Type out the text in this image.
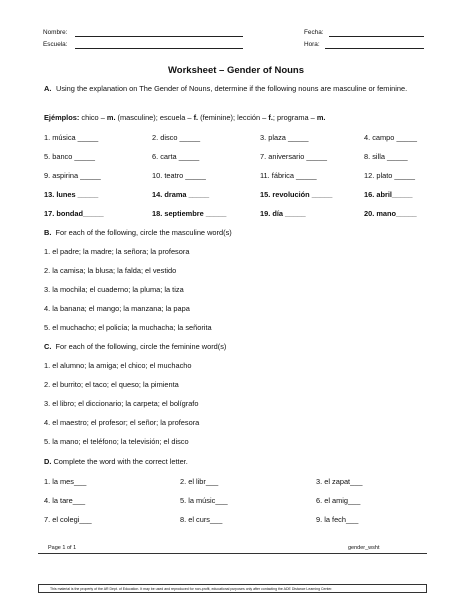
Nombre:
Escuela:
Fecha:
Hora:
Worksheet – Gender of Nouns
A. Using the explanation on The Gender of Nouns, determine if the following nouns are masculine or feminine.
Ejémplos: chico – m. (masculine); escuela – f. (feminine); lección – f.; programa – m.
1. música _____	2. disco _____	3. plaza _____	4. campo _____
5. banco _____	6. carta _____	7. aniversario _____	8. silla _____
9. aspirina _____	10. teatro _____	11. fábrica _____	12. plato _____
13. lunes _____	14. drama _____	15. revolución _____	16. abril_____
17. bondad_____	18. septiembre _____	19. día _____	20. mano_____
B. For each of the following, circle the masculine word(s)
1. el padre; la madre; la señora; la profesora
2. la camisa; la blusa; la falda; el vestido
3. la mochila; el cuaderno; la pluma; la tiza
4. la banana; el mango; la manzana; la papa
5. el muchacho; el policía; la muchacha; la señorita
C. For each of the following, circle the feminine word(s)
1. el alumno; la amiga; el chico; el muchacho
2. el burrito; el taco; el queso; la pimienta
3. el libro; el diccionario; la carpeta; el bolígrafo
4. el maestro; el profesor; el señor; la profesora
5. la mano; el teléfono; la televisión; el disco
D. Complete the word with the correct letter.
1. la mes___	2. el libr___	3. el zapat___
4. la tare___	5. la músic___	6. el amig___
7. el colegi___	8. el curs___	9. la fech___
Page 1 of 1	gender_wsht
This material is the property of the AR Dept. of Education. It may be used and reproduced for non-profit, educational purposes only after contacting the ADE Distance Learning Center.
